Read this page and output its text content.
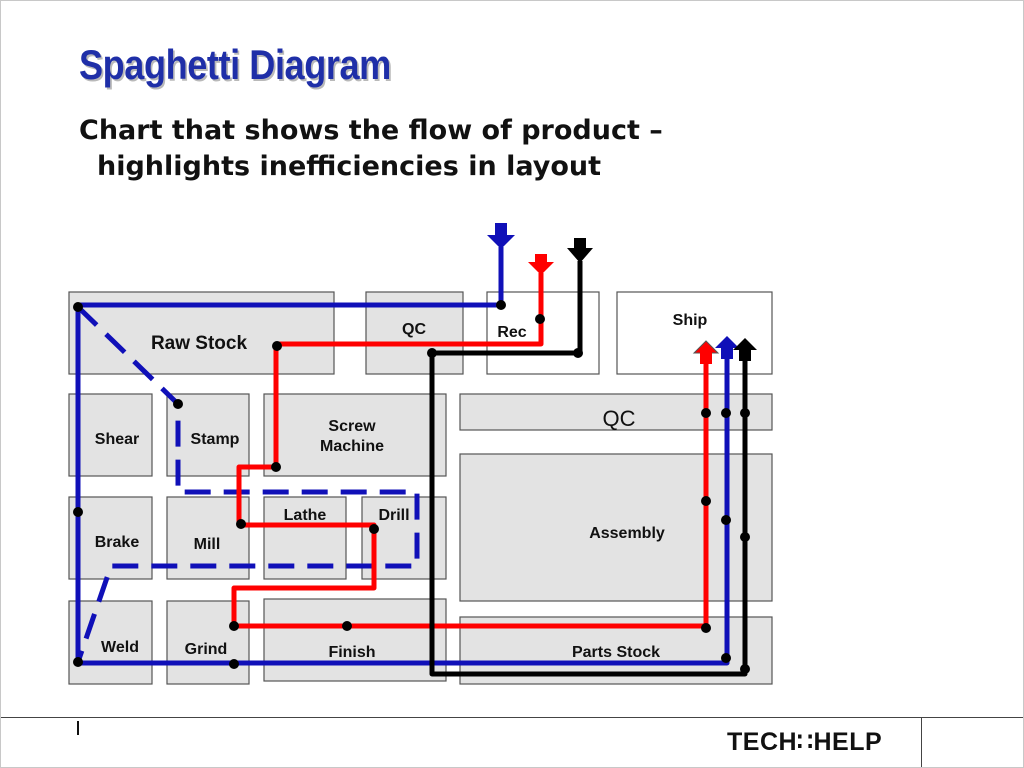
Spaghetti Diagram

Chart that shows the flow of product –
highlights inefficiencies in layout

Raw Stock
QC	Rec
Ship
Shear	Stamp
Screw
Machine
QC
Lathe	Drill
Brake	Mill
Assembly
Weld	Grind	Finish	Parts Stock
TECH∷HELP
